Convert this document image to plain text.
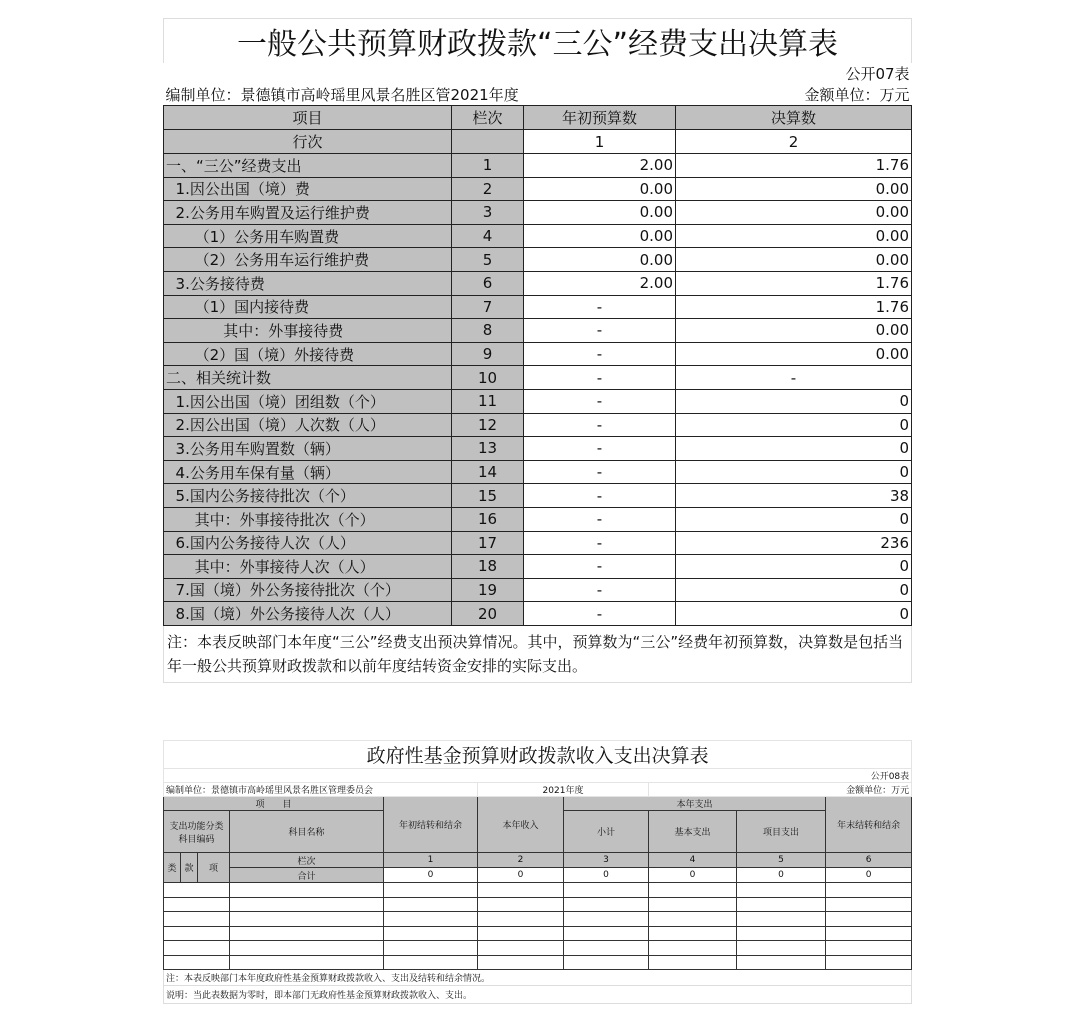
一般公共预算财政拨款“三公”经费支出决算表			
公开07表			
编制单位：景德镇市高岭瑶里风景名胜区管2021年度			金额单位：万元
项目	栏次	年初预算数	决算数
行次		1	2
一、“三公”经费支出	1	2.00	1.76
1.因公出国（境）费	2	0.00	0.00
2.公务用车购置及运行维护费	3	0.00	0.00
（1）公务用车购置费	4	0.00	0.00
（2）公务用车运行维护费	5	0.00	0.00
3.公务接待费	6	2.00	1.76
（1）国内接待费	7	-	1.76
其中：外事接待费	8	-	0.00
（2）国（境）外接待费	9	-	0.00
二、相关统计数	10	-	-
1.因公出国（境）团组数（个）	11	-	0
2.因公出国（境）人次数（人）	12	-	0
3.公务用车购置数（辆）	13	-	0
4.公务用车保有量（辆）	14	-	0
5.国内公务接待批次（个）	15	-	38
其中：外事接待批次（个）	16	-	0
6.国内公务接待人次（人）	17	-	236
其中：外事接待人次（人）	18	-	0
7.国（境）外公务接待批次（个）	19	-	0
8.国（境）外公务接待人次（人）	20	-	0
注：本表反映部门本年度“三公”经费支出预决算情况。其中，预算数为“三公”经费年初预算数，决算数是包括当年一般公共预算财政拨款和以前年度结转资金安排的实际支出。			
政府性基金预算财政拨款收入支出决算表									
公开08表									
编制单位：景德镇市高岭瑶里风景名胜区管理委员会					2021年度		金额单位：万元		
项　　目				年初结转和结余	本年收入	本年支出			年末结转和结余
支出功能分类科目编码			科目名称			小计	基本支出	项目支出	
类	款	项	栏次	1	2	3	4	5	6
			合计	0	0	0	0	0	0

注：本表反映部门本年度政府性基金预算财政拨款收入、支出及结转和结余情况。									
说明：当此表数据为零时，即本部门无政府性基金预算财政拨款收入、支出。									
